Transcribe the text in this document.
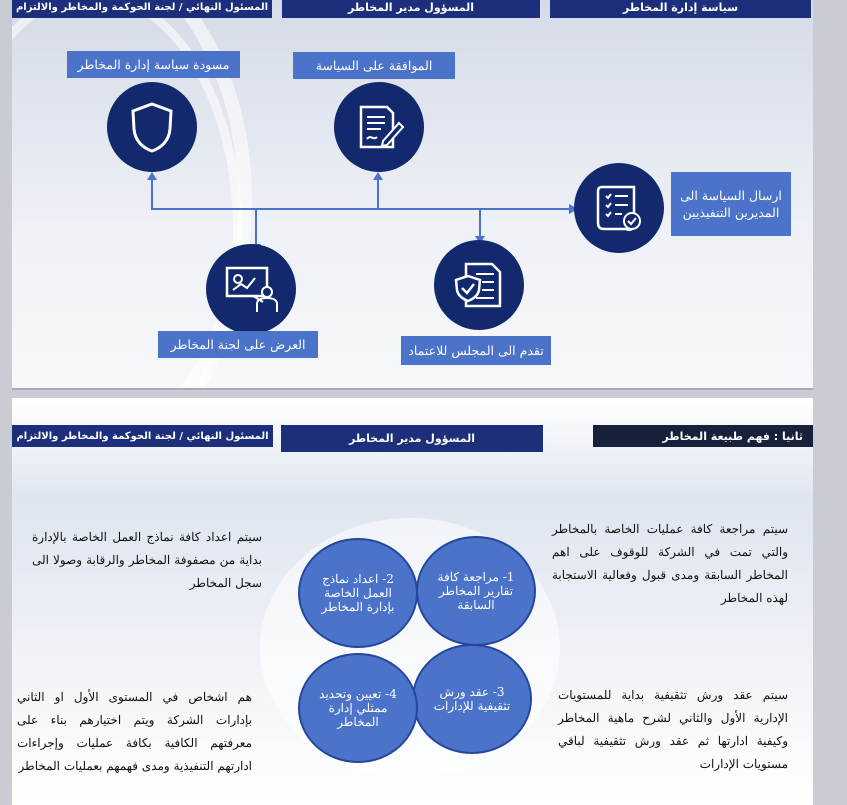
سياسة إدارة المخاطر
المسؤول مدير المخاطر
المسئول النهائي / لجنة الحوكمة والمخاطر والالتزام
مسودة سياسة إدارة المخاطر	الموافقة على السياسة
ارسال السياسة الى المديرين التنفيذيين
تقدم الى المجلس للاعتماد
العرض على لجنة المخاطر
ثانيا : فهم طبيعة المخاطر
المسؤول مدير المخاطر
المسئول النهائي / لجنة الحوكمة والمخاطر والالتزام
سيتم مراجعة كافة عمليات الخاصة بالمخاطر والتي تمت في الشركة للوقوف على اهم المخاطر السابقة ومدى قبول وفعالية الاستجابة لهذه المخاطر
سيتم اعداد كافة نماذج العمل الخاصة بالإدارة بداية من مصفوفة المخاطر والرقابة وصولا الى سجل المخاطر
سيتم عقد ورش تثقيفية بداية للمستويات الإدارية الأول والثاني لشرح ماهية المخاطر وكيفية ادارتها ثم عقد ورش تثقيفية لباقي مستويات الإدارات
هم اشخاص في المستوى الأول او الثاني بإدارات الشركة ويتم اختيارهم بناء على معرفتهم الكافية بكافة عمليات وإجراءات ادارتهم التنفيذية ومدى فهمهم بعمليات المخاطر
1- مراجعة كافة تقارير المخاطر السابقة
2- اعداد نماذج العمل الخاصة بإدارة المخاطر
3- عقد ورش تثقيفية للإدارات
4- تعيين وتحديد ممثلي إدارة المخاطر
